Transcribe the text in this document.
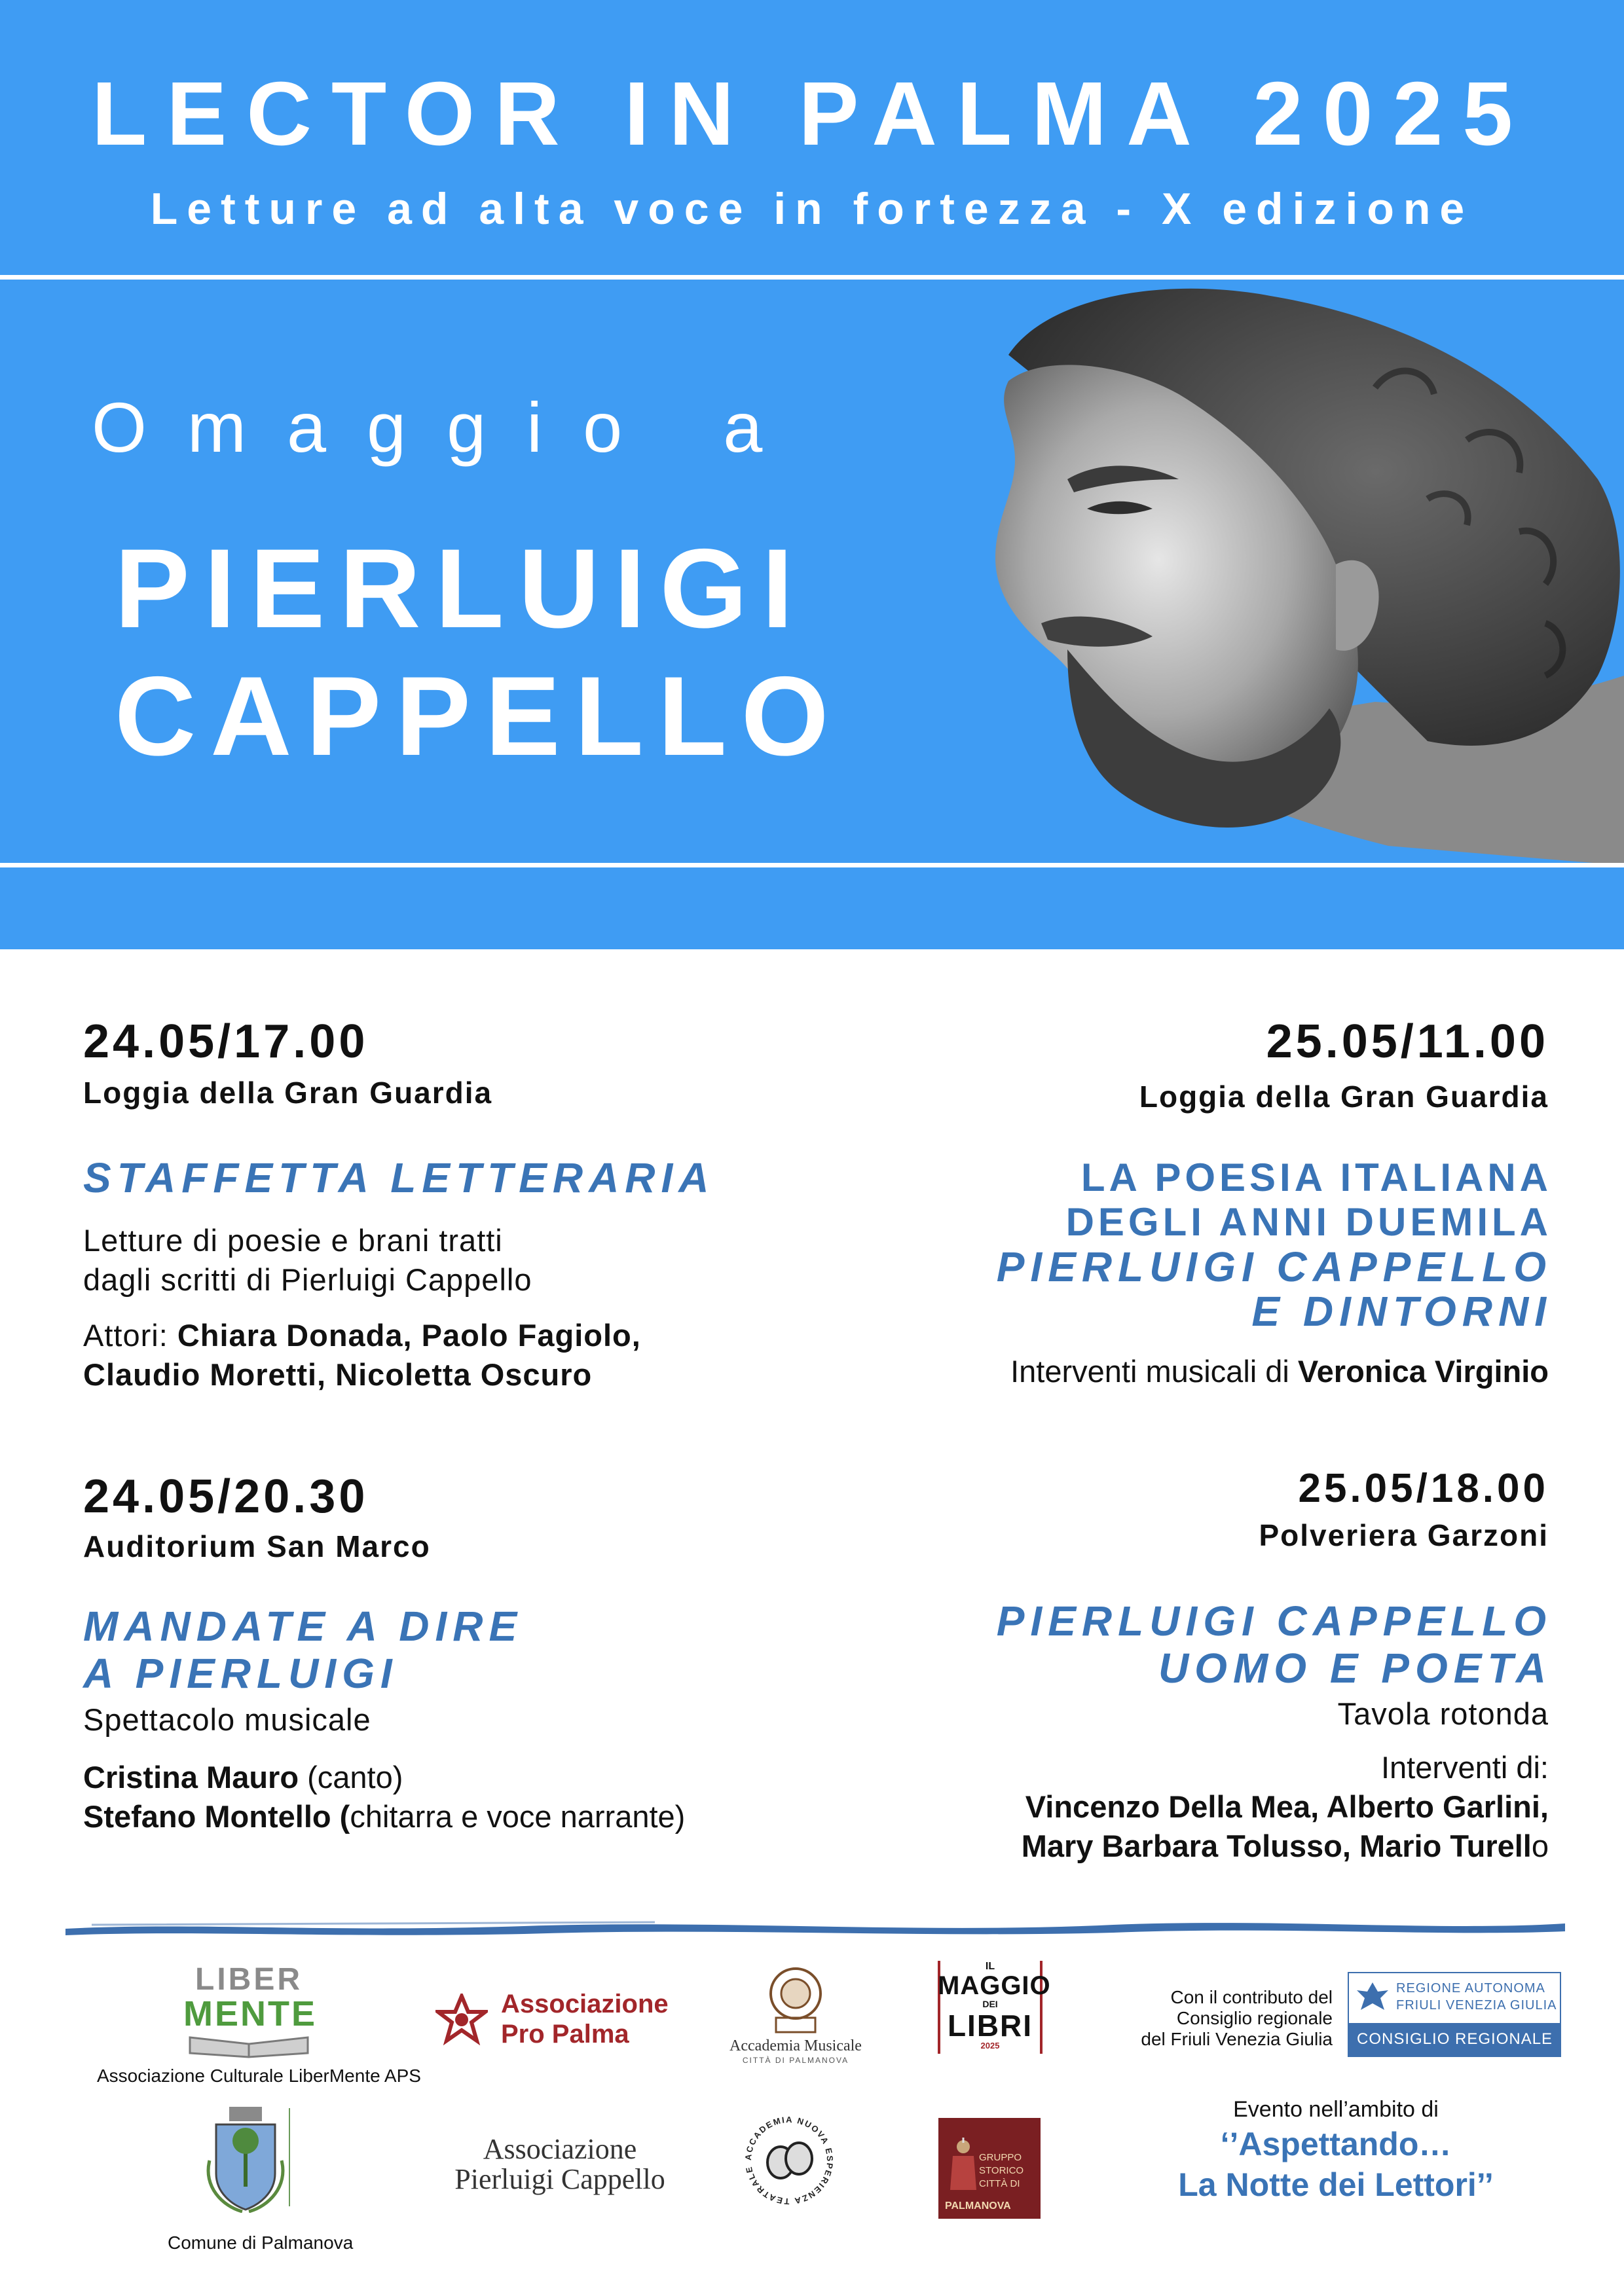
LECTOR IN PALMA 2025
Letture ad alta voce in fortezza - X edizione
Omaggio a
PIERLUIGI
CAPPELLO
24.05/17.00
Loggia della Gran Guardia
STAFFETTA LETTERARIA
Letture di poesie e brani tratti
dagli scritti di Pierluigi Cappello
Attori: Chiara Donada, Paolo Fagiolo,
Claudio Moretti, Nicoletta Oscuro
25.05/11.00
Loggia della Gran Guardia
LA POESIA ITALIANA
DEGLI ANNI DUEMILA
PIERLUIGI CAPPELLO
E DINTORNI
Interventi musicali di Veronica Virginio
24.05/20.30
Auditorium San Marco
MANDATE A DIRE
A PIERLUIGI
Spettacolo musicale
Cristina Mauro (canto)
Stefano Montello (chitarra e voce narrante)
25.05/18.00
Polveriera Garzoni
PIERLUIGI CAPPELLO
UOMO E POETA
Tavola rotonda
Interventi di:
Vincenzo Della Mea, Alberto Garlini,
Mary Barbara Tolusso, Mario Turello
LIBER
MENTE
Associazione Culturale LiberMente APS
Associazione
Pro Palma	Accademia Musicale
CITTÀ DI PALMANOVA
IL
MAGGIO
DEI
LIBRI
2025
Con il contributo del
Consiglio regionale
del Friuli Venezia Giulia
REGIONE AUTONOMA
FRIULI VENEZIA GIULIA
CONSIGLIO REGIONALE
Comune di Palmanova
Associazione
Pierluigi Cappello
ACCADEMIA NUOVA ESPERIENZA TEATRALE
GRUPPO
STORICO
CITTÀ DI
PALMANOVA
Evento nell’ambito di
‘’Aspettando…
La Notte dei Lettori’’
